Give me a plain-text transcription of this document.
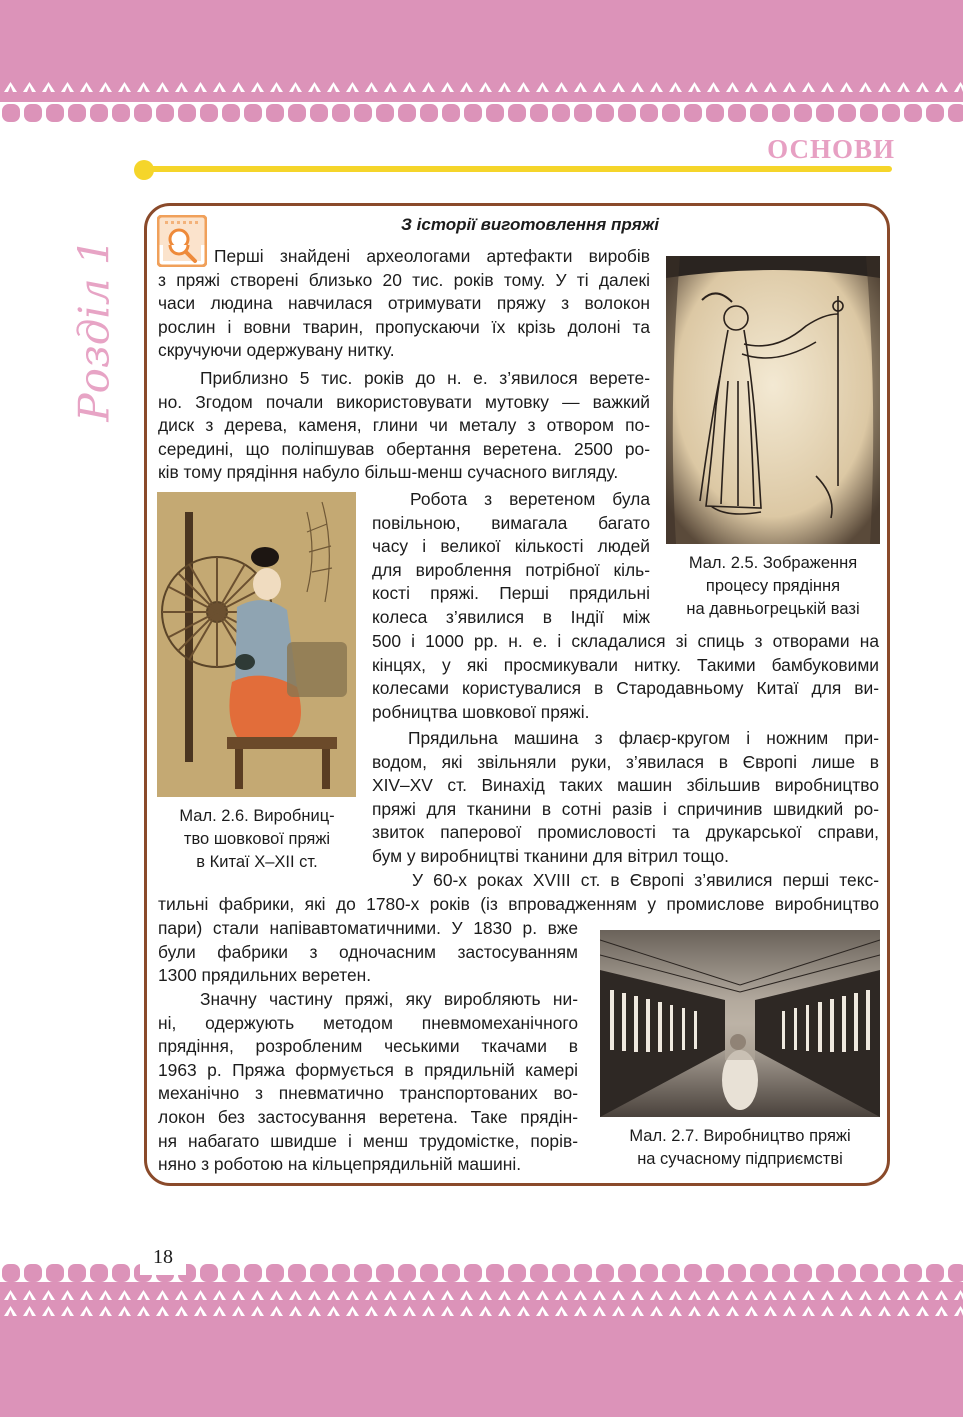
ОСНОВИ
Розділ 1
З історії виготовлення пряжі
Перші знайдені археологами артефакти виробів
з пряжі створені близько 20 тис. років тому. У ті далекі
часи людина навчилася отримувати пряжу з волокон
рослин і вовни тварин, пропускаючи їх крізь долоні та
скручуючи одержувану нитку.
Приблизно 5 тис. років до н. е. з’явилося верете-
но. Згодом почали використовувати мутовку — важкий
диск з дерева, каменя, глини чи металу з отвором по-
середині, що поліпшував обертання веретена. 2500 ро-
ків тому прядіння набуло більш-менш сучасного вигляду.
Мал. 2.5. Зображення
процесу прядіння
на давньогрецькій вазі
Мал. 2.6. Виробниц-
тво шовкової пряжі
в Китаї X–XII ст.
Робота з веретеном була
повільною, вимагала багато
часу і великої кількості людей
для вироблення потрібної кіль-
кості пряжі. Перші прядильні
колеса з’явилися в Індії між
500 і 1000 рр. н. е. і складалися зі спиць з отворами на
кінцях, у які просмикували нитку. Такими бамбуковими
колесами користувалися в Стародавньому Китаї для ви-
робництва шовкової пряжі.
Прядильна машина з флаєр-кругом і ножним при-
водом, які звільняли руки, з’явилася в Європі лише в
XIV–XV ст. Винахід таких машин збільшив виробництво
пряжі для тканини в сотні разів і спричинив швидкий ро-
звиток паперової промисловості та друкарської справи,
бум у виробництві тканини для вітрил тощо.
У 60-х роках XVIII ст. в Європі з’явилися перші текс-
тильні фабрики, які до 1780-х років (із впровадженням у промислове виробництво
пари) стали напівавтоматичними. У 1830 р. вже
були фабрики з одночасним застосуванням
1300 прядильних веретен.
Значну частину пряжі, яку виробляють ни-
ні, одержують методом пневмомеханічного
прядіння, розробленим чеськими ткачами в
1963 р. Пряжа формується в прядильній камері
механічно з пневматично транспортованих во-
локон без застосування веретена. Таке прядін-
ня набагато швидше і менш трудомістке, порів-
няно з роботою на кільцепрядильній машині.
Мал. 2.7. Виробництво пряжі
на сучасному підприємстві
18
